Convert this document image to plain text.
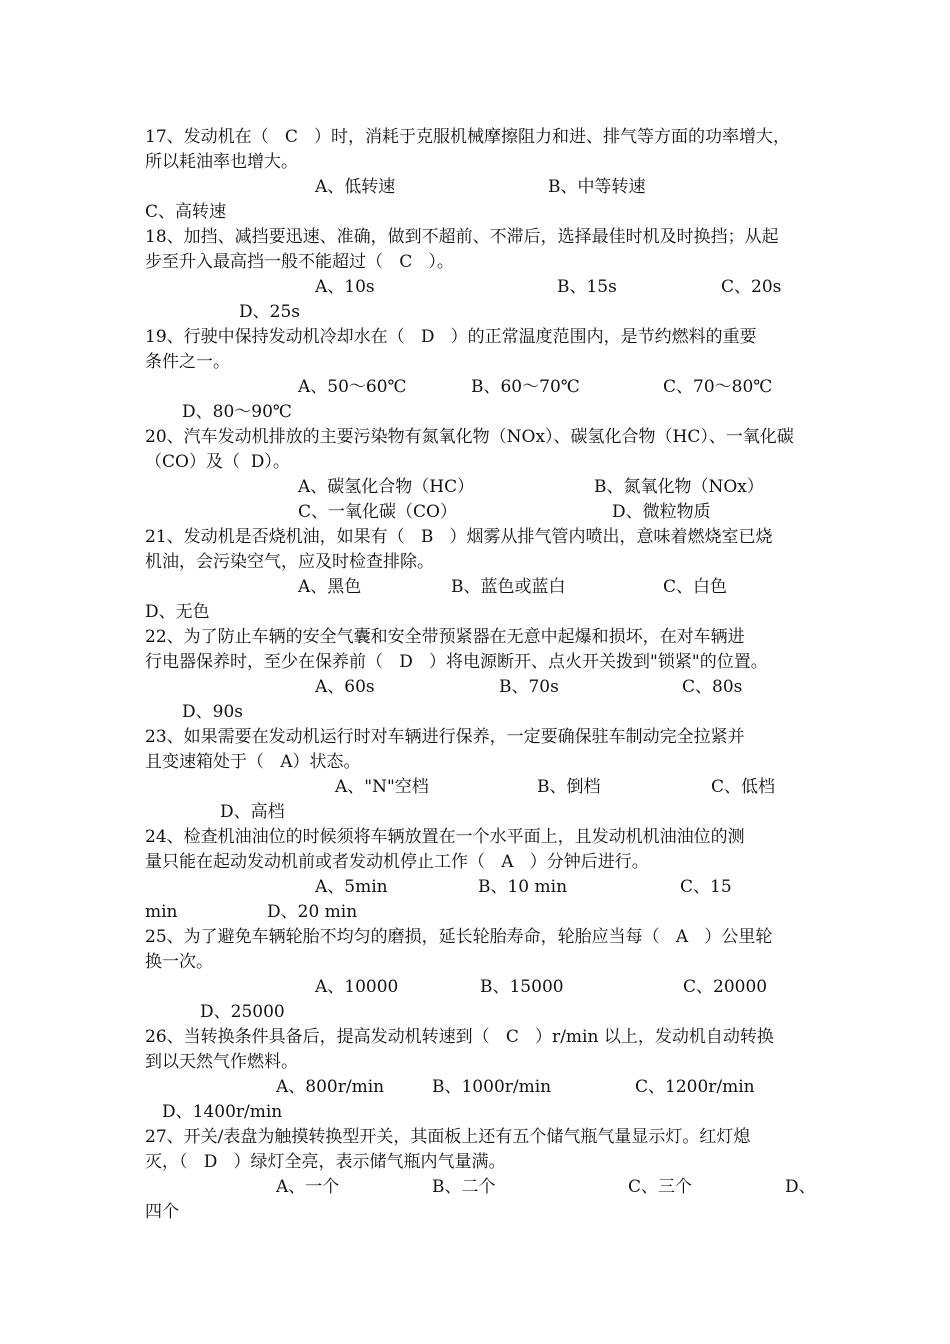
17、发动机在（   C   ）时，消耗于克服机械摩擦阻力和进、排气等方面的功率增大，

所以耗油率也增大。

A、低转速	B、中等转速

C、高转速

18、加挡、减挡要迅速、准确，做到不超前、不滞后，选择最佳时机及时换挡；从起

步至升入最高挡一般不能超过（   C   ）。

A、10s	B、15s	C、20s

D、25s

19、行驶中保持发动机冷却水在（   D   ）的正常温度范围内，是节约燃料的重要

条件之一。

A、50～60℃	B、60～70℃	C、70～80℃

D、80～90℃

20、汽车发动机排放的主要污染物有氮氧化物（NOx）、碳氢化合物（HC）、一氧化碳

（CO）及（  D）。

A、碳氢化合物（HC）	B、氮氧化物（NOx）

C、一氧化碳（CO）	D、微粒物质

21、发动机是否烧机油，如果有（   B   ）烟雾从排气管内喷出，意味着燃烧室已烧

机油，会污染空气，应及时检查排除。

A、黑色	B、蓝色或蓝白	C、白色

D、无色

22、为了防止车辆的安全气囊和安全带预紧器在无意中起爆和损坏，在对车辆进

行电器保养时，至少在保养前（   D   ）将电源断开、点火开关拨到"锁紧"的位置。

A、60s	B、70s	C、80s

D、90s

23、如果需要在发动机运行时对车辆进行保养，一定要确保驻车制动完全拉紧并

且变速箱处于（   A）状态。

A、"N"空档	B、倒档	C、低档

D、高档

24、检查机油油位的时候须将车辆放置在一个水平面上，且发动机机油油位的测

量只能在起动发动机前或者发动机停止工作（   A   ）分钟后进行。

A、5min	B、10 min	C、15

min	D、20 min

25、为了避免车辆轮胎不均匀的磨损，延长轮胎寿命，轮胎应当每（   A   ）公里轮

换一次。

A、10000	B、15000	C、20000

D、25000

26、当转换条件具备后，提高发动机转速到（   C   ）r/min 以上，发动机自动转换

到以天然气作燃料。

A、800r/min	B、1000r/min	C、1200r/min

D、1400r/min

27、开关/表盘为触摸转换型开关，其面板上还有五个储气瓶气量显示灯。红灯熄

灭，（   D   ）绿灯全亮，表示储气瓶内气量满。

A、一个	B、二个	C、三个	D、

四个
